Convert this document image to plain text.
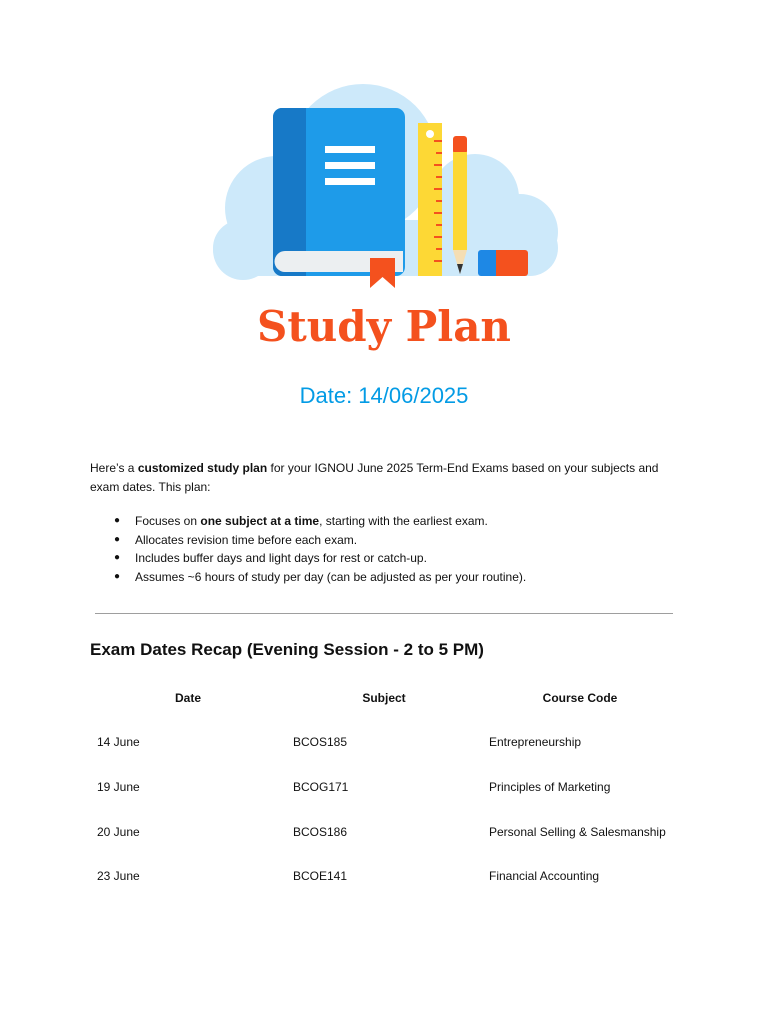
Study Plan
Date: 14/06/2025
Here’s a customized study plan for your IGNOU June 2025 Term-End Exams based on your subjects and exam dates. This plan:
● Focuses on one subject at a time, starting with the earliest exam.
● Allocates revision time before each exam.
● Includes buffer days and light days for rest or catch-up.
● Assumes ~6 hours of study per day (can be adjusted as per your routine).
Exam Dates Recap (Evening Session - 2 to 5 PM)
Date	Subject	Course Code
14 June	BCOS185	Entrepreneurship
19 June	BCOG171	Principles of Marketing
20 June	BCOS186	Personal Selling & Salesmanship
23 June	BCOE141	Financial Accounting
